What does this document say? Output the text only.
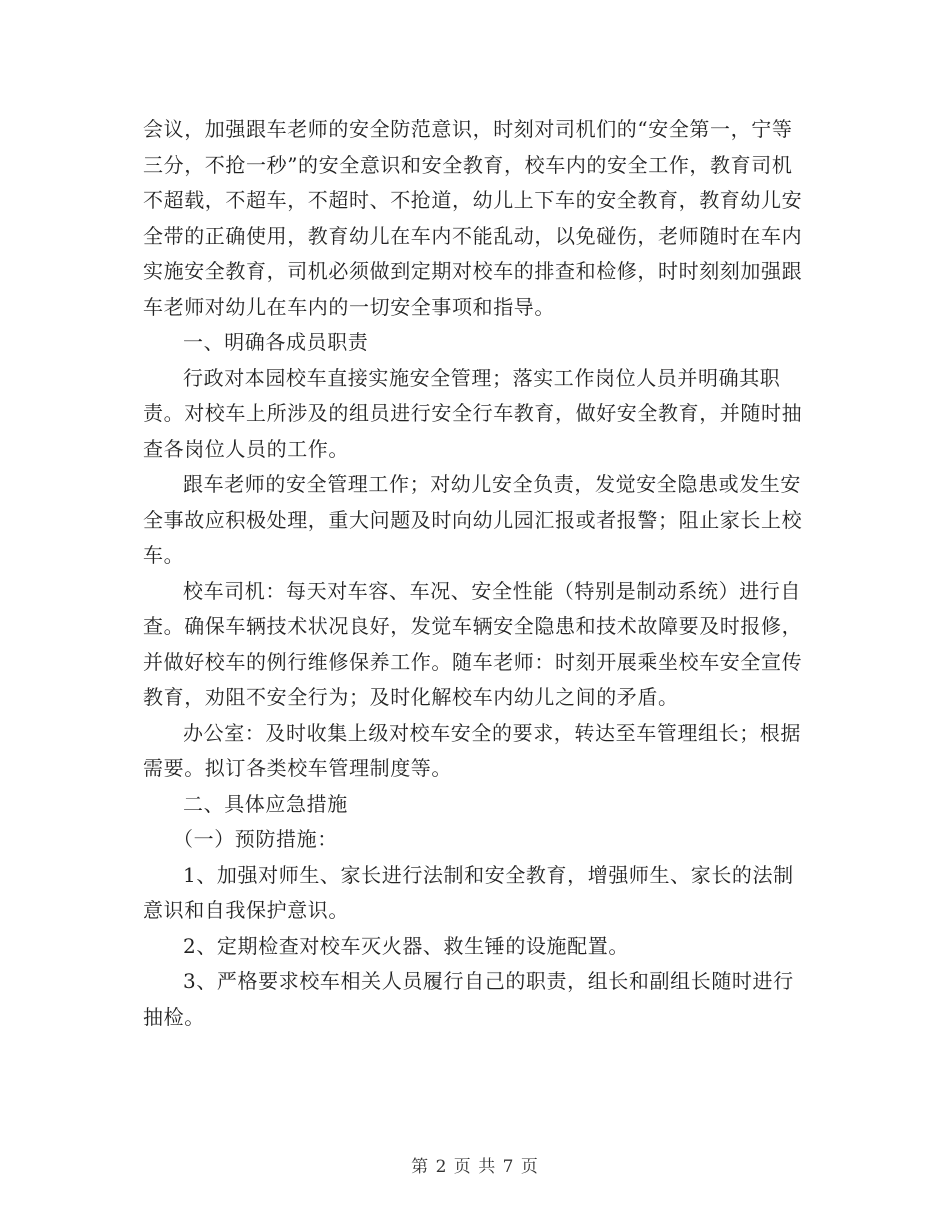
会议，加强跟车老师的安全防范意识，时刻对司机们的“安全第一，宁等三分，不抢一秒”的安全意识和安全教育，校车内的安全工作，教育司机不超载，不超车，不超时、不抢道，幼儿上下车的安全教育，教育幼儿安全带的正确使用，教育幼儿在车内不能乱动，以免碰伤，老师随时在车内实施安全教育，司机必须做到定期对校车的排查和检修，时时刻刻加强跟车老师对幼儿在车内的一切安全事项和指导。

一、明确各成员职责

行政对本园校车直接实施安全管理；落实工作岗位人员并明确其职责。对校车上所涉及的组员进行安全行车教育，做好安全教育，并随时抽查各岗位人员的工作。

跟车老师的安全管理工作；对幼儿安全负责，发觉安全隐患或发生安全事故应积极处理，重大问题及时向幼儿园汇报或者报警；阻止家长上校车。

校车司机：每天对车容、车况、安全性能（特别是制动系统）进行自查。确保车辆技术状况良好，发觉车辆安全隐患和技术故障要及时报修，并做好校车的例行维修保养工作。随车老师：时刻开展乘坐校车安全宣传教育，劝阻不安全行为；及时化解校车内幼儿之间的矛盾。

办公室：及时收集上级对校车安全的要求，转达至车管理组长；根据需要。拟订各类校车管理制度等。

二、具体应急措施

（一）预防措施：

1、加强对师生、家长进行法制和安全教育，增强师生、家长的法制意识和自我保护意识。

2、定期检查对校车灭火器、救生锤的设施配置。

3、严格要求校车相关人员履行自己的职责，组长和副组长随时进行抽检。

第 2 页 共 7 页
